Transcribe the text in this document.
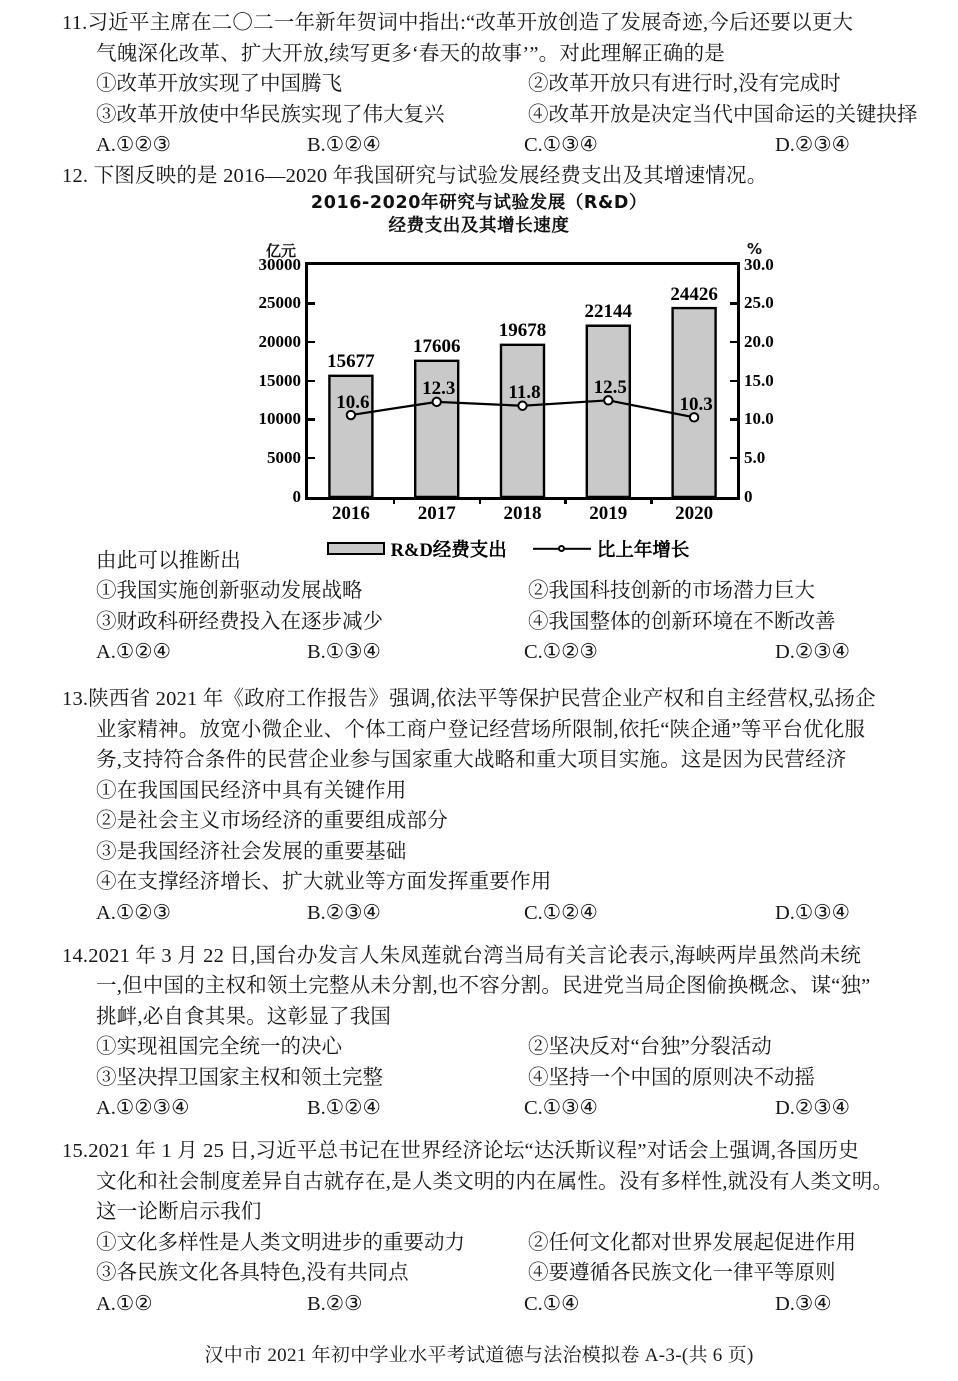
11.习近平主席在二〇二一年新年贺词中指出:“改革开放创造了发展奇迹,今后还要以更大
气魄深化改革、扩大开放,续写更多‘春天的故事’”。对此理解正确的是
①改革开放实现了中国腾飞	②改革开放只有进行时,没有完成时
③改革开放使中华民族实现了伟大复兴	④改革开放是决定当代中国命运的关键抉择
A.①②③	B.①②④	C.①③④	D.②③④
12. 下图反映的是 2016—2020 年我国研究与试验发展经费支出及其增速情况。
2016-2020年研究与试验发展（R&D）
经费支出及其增长速度
亿元	%
15677
17606
19678
22144
24426
10.6
12.3	11.8	12.5
10.3
0
5000
10000
15000
20000
25000
30000
0
5.0
10.0
15.0
20.0
25.0
30.0
2016	2017	2018	2019	2020
R&D经费支出	比上年增长
由此可以推断出
①我国实施创新驱动发展战略	②我国科技创新的市场潜力巨大
③财政科研经费投入在逐步减少	④我国整体的创新环境在不断改善
A.①②④	B.①③④	C.①②③	D.②③④
13.陕西省 2021 年《政府工作报告》强调,依法平等保护民营企业产权和自主经营权,弘扬企
业家精神。放宽小微企业、个体工商户登记经营场所限制,依托“陕企通”等平台优化服
务,支持符合条件的民营企业参与国家重大战略和重大项目实施。这是因为民营经济
①在我国国民经济中具有关键作用
②是社会主义市场经济的重要组成部分
③是我国经济社会发展的重要基础
④在支撑经济增长、扩大就业等方面发挥重要作用
A.①②③	B.②③④	C.①②④	D.①③④
14.2021 年 3 月 22 日,国台办发言人朱凤莲就台湾当局有关言论表示,海峡两岸虽然尚未统
一,但中国的主权和领土完整从未分割,也不容分割。民进党当局企图偷换概念、谋“独”
挑衅,必自食其果。这彰显了我国
①实现祖国完全统一的决心	②坚决反对“台独”分裂活动
③坚决捍卫国家主权和领土完整	④坚持一个中国的原则决不动摇
A.①②③④	B.①②④	C.①③④	D.②③④
15.2021 年 1 月 25 日,习近平总书记在世界经济论坛“达沃斯议程”对话会上强调,各国历史
文化和社会制度差异自古就存在,是人类文明的内在属性。没有多样性,就没有人类文明。
这一论断启示我们
①文化多样性是人类文明进步的重要动力	②任何文化都对世界发展起促进作用
③各民族文化各具特色,没有共同点	④要遵循各民族文化一律平等原则
A.①②	B.②③	C.①④	D.③④
汉中市 2021 年初中学业水平考试道德与法治模拟卷 A-3-(共 6 页)
